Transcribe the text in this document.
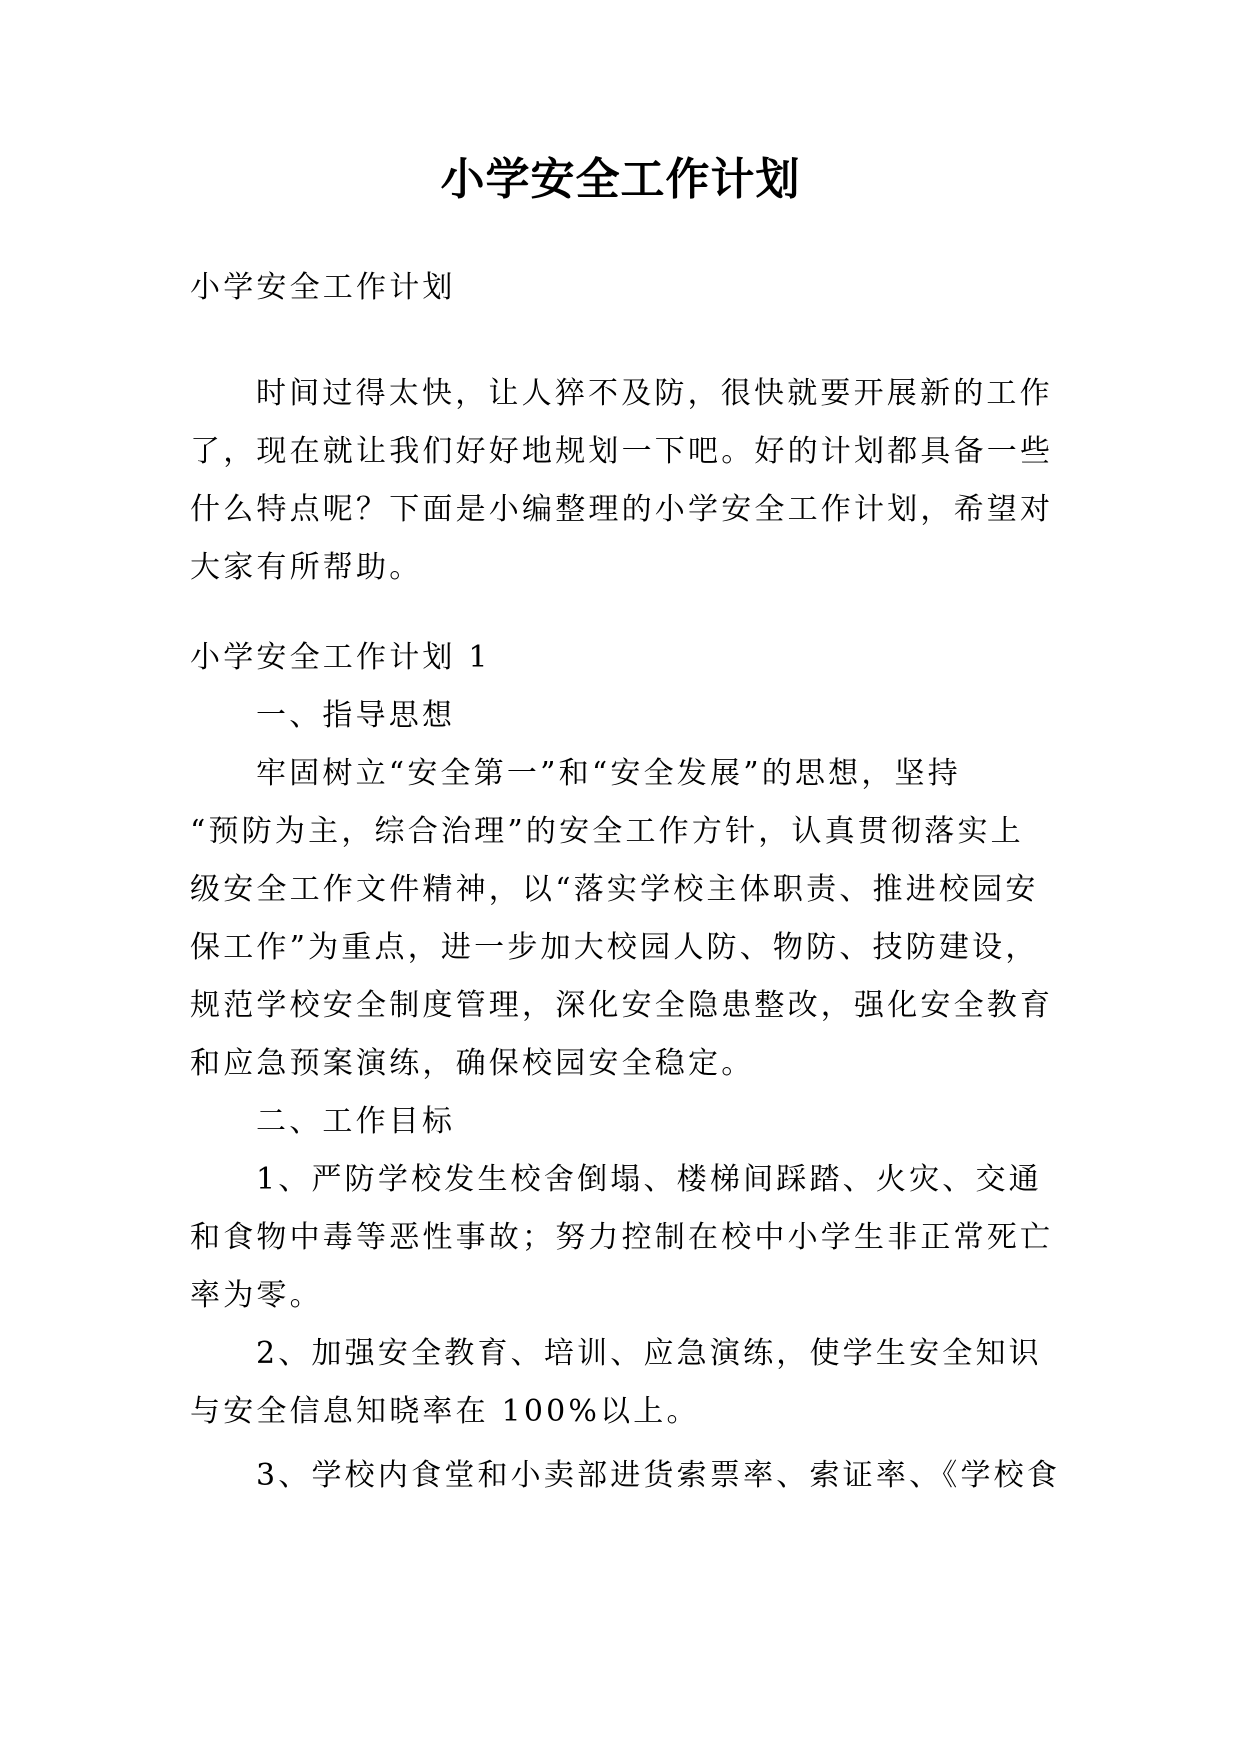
小学安全工作计划
小学安全工作计划
时间过得太快，让人猝不及防，很快就要开展新的工作
了，现在就让我们好好地规划一下吧。好的计划都具备一些
什么特点呢？下面是小编整理的小学安全工作计划，希望对
大家有所帮助。
小学安全工作计划 1
一、指导思想
牢固树立“安全第一”和“安全发展”的思想，坚持
“预防为主，综合治理”的安全工作方针，认真贯彻落实上
级安全工作文件精神，以“落实学校主体职责、推进校园安
保工作”为重点，进一步加大校园人防、物防、技防建设，
规范学校安全制度管理，深化安全隐患整改，强化安全教育
和应急预案演练，确保校园安全稳定。
二、工作目标
1、严防学校发生校舍倒塌、楼梯间踩踏、火灾、交通
和食物中毒等恶性事故；努力控制在校中小学生非正常死亡
率为零。
2、加强安全教育、培训、应急演练，使学生安全知识
与安全信息知晓率在 100%以上。
3、学校内食堂和小卖部进货索票率、索证率、《学校食
